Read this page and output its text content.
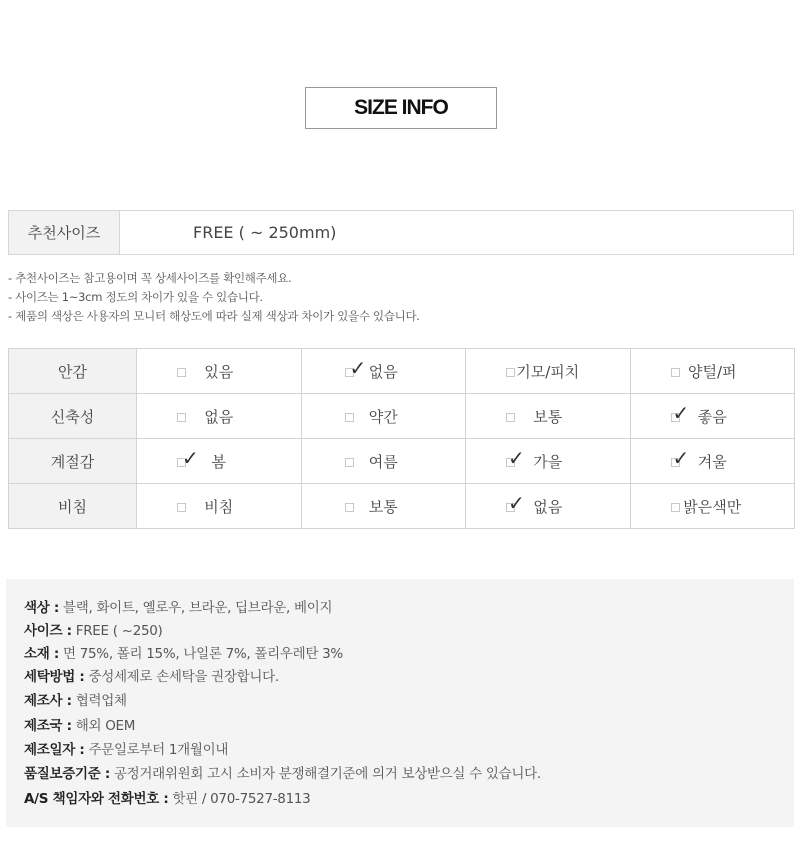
SIZE INFO
추천사이즈	FREE ( ~ 250mm)
- 추천사이즈는 참고용이며 꼭 상세사이즈를 확인해주세요.
- 사이즈는 1~3cm 정도의 차이가 있을 수 있습니다.
- 제품의 색상은 사용자의 모니터 해상도에 따라 실제 색상과 차이가 있을수 있습니다.
안감	있음	✓ 없음	기모/피치	양털/퍼

신축성	없음	약간	보통	✓ 좋음

계절감	✓ 봄	여름	✓ 가을	✓ 겨울

비침	비침	보통	✓ 없음	밝은색만
색상 : 블랙, 화이트, 옐로우, 브라운, 딥브라운, 베이지
사이즈 : FREE ( ~250)
소재 : 면 75%, 폴리 15%, 나일론 7%, 폴리우레탄 3%
세탁방법 : 중성세제로 손세탁을 권장합니다.
제조사 : 협력업체
제조국 : 해외 OEM
제조일자 : 주문일로부터 1개월이내
품질보증기준 : 공정거래위원회 고시 소비자 분쟁해결기준에 의거 보상받으실 수 있습니다.
A/S 책임자와 전화번호 : 핫핀 / 070-7527-8113
